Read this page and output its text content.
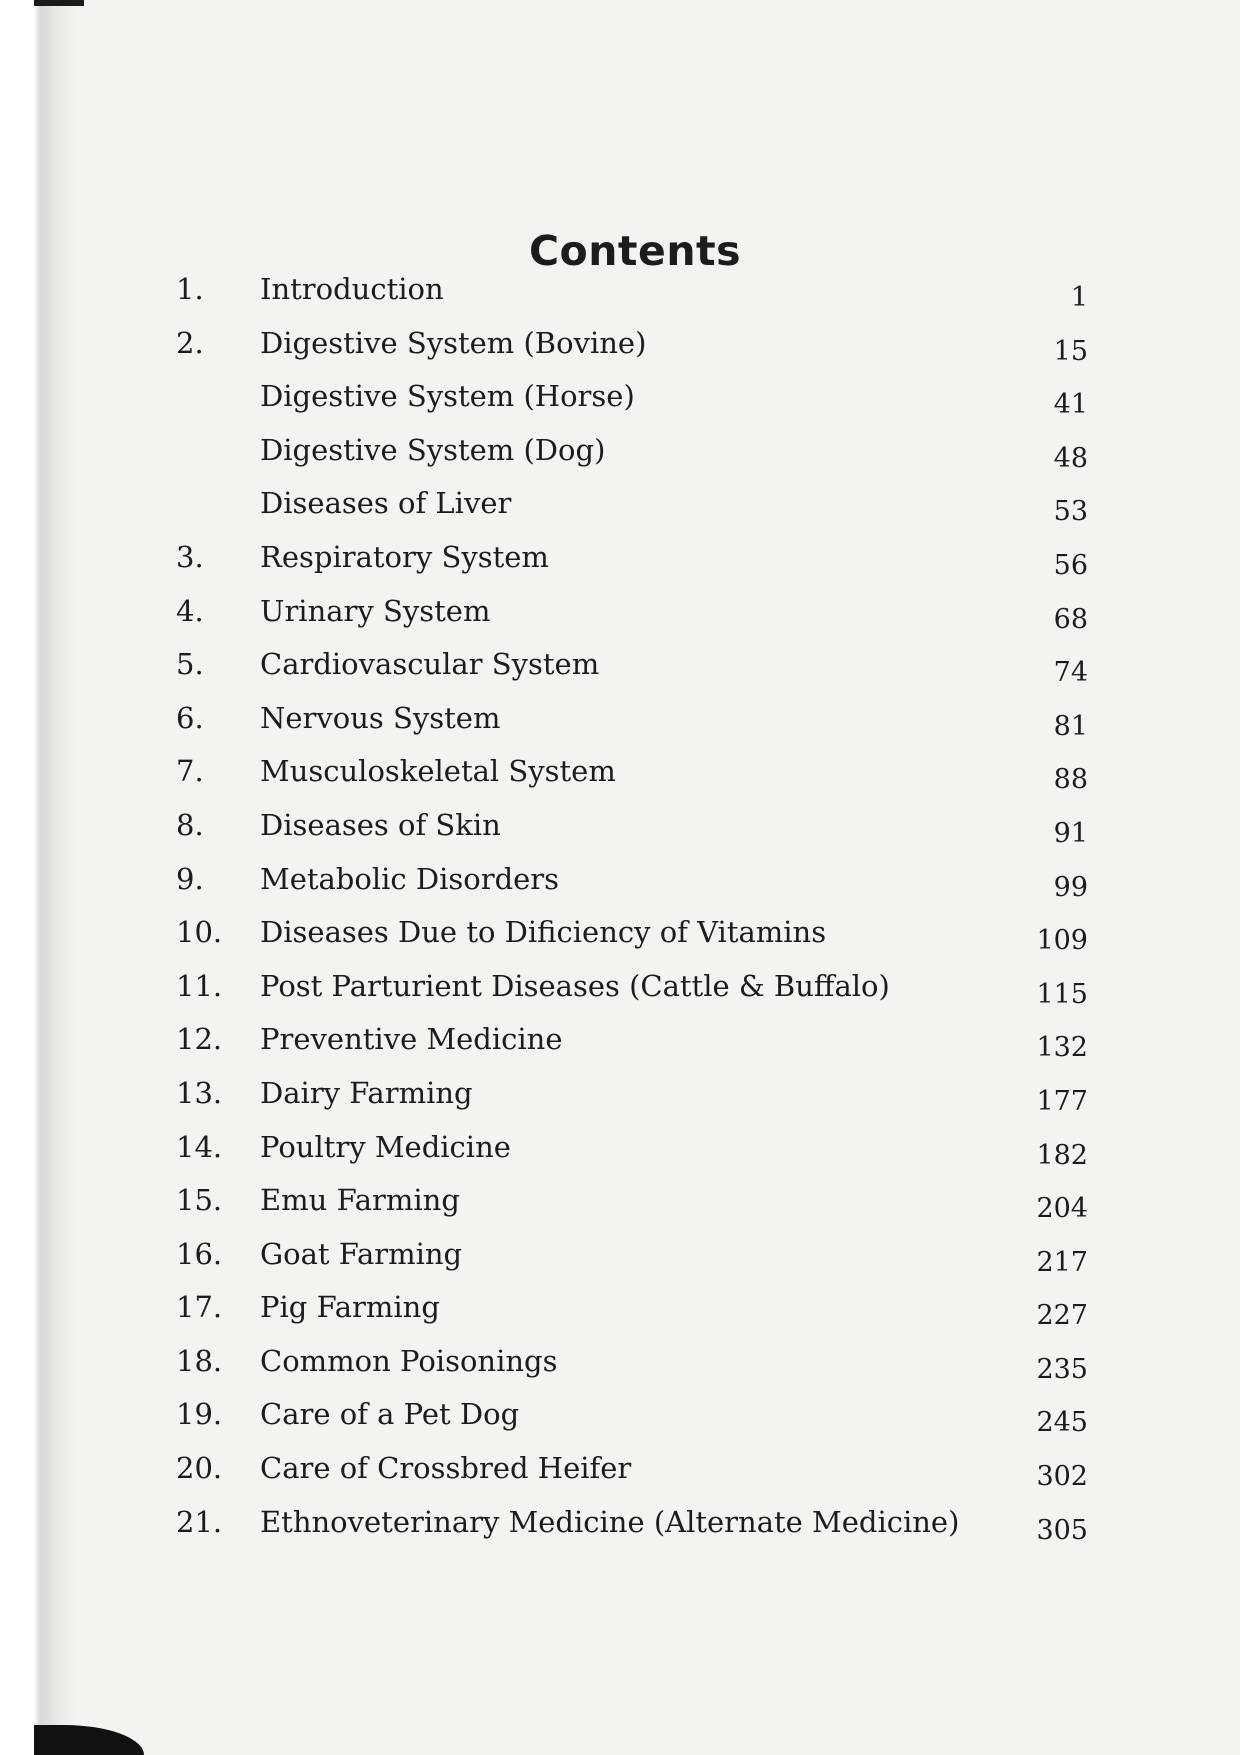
Contents
1.	Introduction	1
2.	Digestive System (Bovine)	15
Digestive System (Horse)	41
Digestive System (Dog)	48
Diseases of Liver	53
3.	Respiratory System	56
4.	Urinary System	68
5.	Cardiovascular System	74
6.	Nervous System	81
7.	Musculoskeletal System	88
8.	Diseases of Skin	91
9.	Metabolic Disorders	99
10.	Diseases Due to Dificiency of Vitamins	109
11.	Post Parturient Diseases (Cattle & Buffalo)	115
12.	Preventive Medicine	132
13.	Dairy Farming	177
14.	Poultry Medicine	182
15.	Emu Farming	204
16.	Goat Farming	217
17.	Pig Farming	227
18.	Common Poisonings	235
19.	Care of a Pet Dog	245
20.	Care of Crossbred Heifer	302
21.	Ethnoveterinary Medicine (Alternate Medicine)	305
